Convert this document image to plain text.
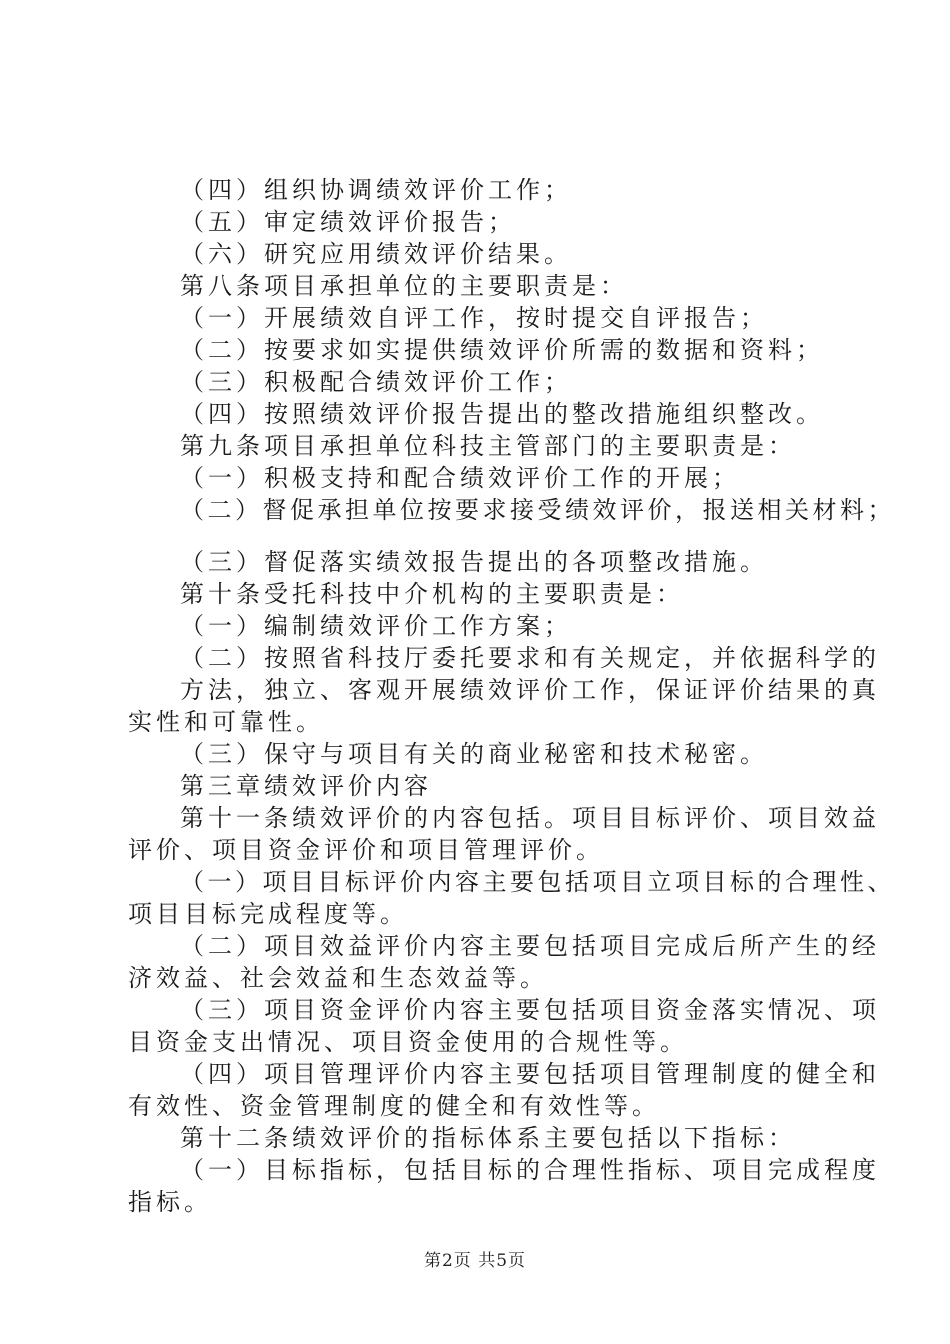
（四）组织协调绩效评价工作；
（五）审定绩效评价报告；
（六）研究应用绩效评价结果。
第八条项目承担单位的主要职责是：
（一）开展绩效自评工作，按时提交自评报告；
（二）按要求如实提供绩效评价所需的数据和资料；
（三）积极配合绩效评价工作；
（四）按照绩效评价报告提出的整改措施组织整改。
第九条项目承担单位科技主管部门的主要职责是：
（一）积极支持和配合绩效评价工作的开展；
（二）督促承担单位按要求接受绩效评价，报送相关材料；
（三）督促落实绩效报告提出的各项整改措施。
第十条受托科技中介机构的主要职责是：
（一）编制绩效评价工作方案；
（二）按照省科技厅委托要求和有关规定，并依据科学的
方法，独立、客观开展绩效评价工作，保证评价结果的真
实性和可靠性。
（三）保守与项目有关的商业秘密和技术秘密。
第三章绩效评价内容
第十一条绩效评价的内容包括。项目目标评价、项目效益
评价、项目资金评价和项目管理评价。
（一）项目目标评价内容主要包括项目立项目标的合理性、
项目目标完成程度等。
（二）项目效益评价内容主要包括项目完成后所产生的经
济效益、社会效益和生态效益等。
（三）项目资金评价内容主要包括项目资金落实情况、项
目资金支出情况、项目资金使用的合规性等。
（四）项目管理评价内容主要包括项目管理制度的健全和
有效性、资金管理制度的健全和有效性等。
第十二条绩效评价的指标体系主要包括以下指标：
（一）目标指标，包括目标的合理性指标、项目完成程度
指标。
第2页 共5页
